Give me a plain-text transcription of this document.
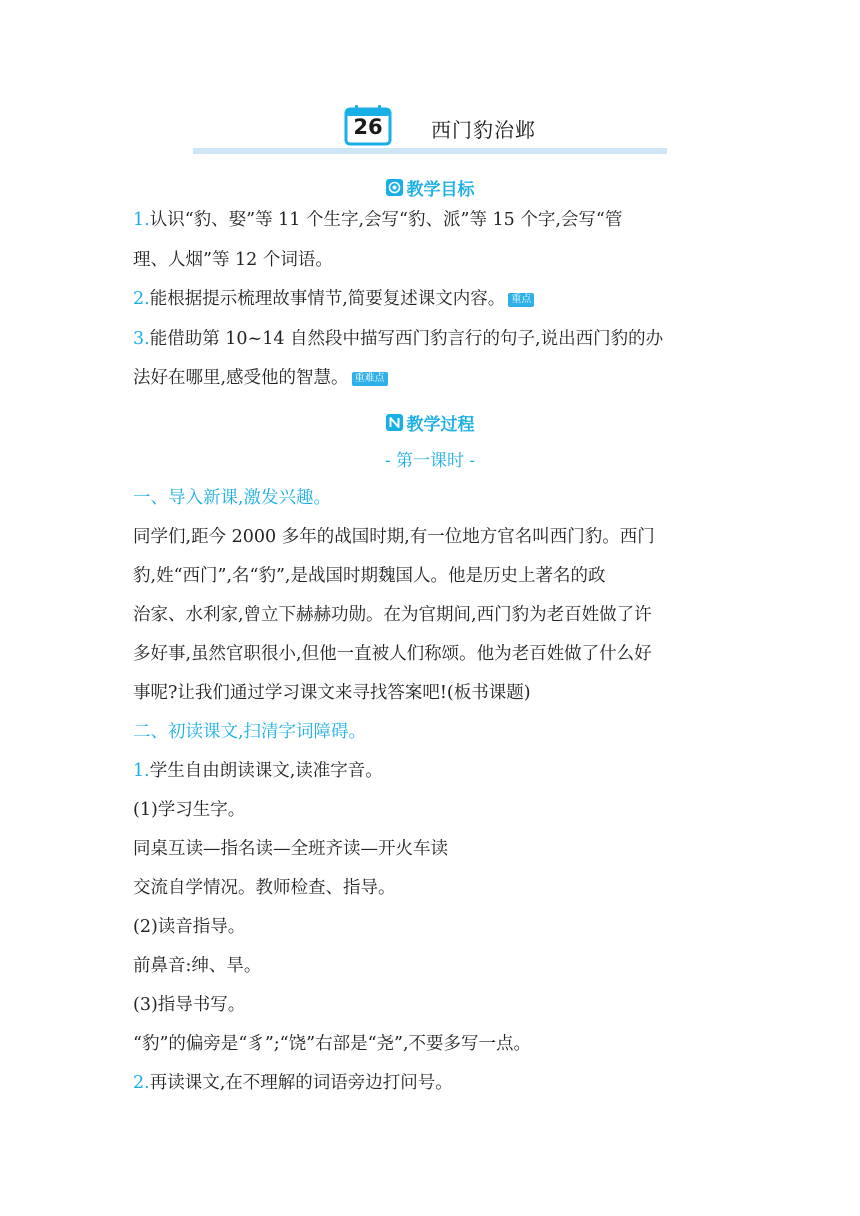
26	西门豹治邺
教学目标
1.认识“豹、娶”等 11 个生字,会写“豹、派”等 15 个字,会写“管
理、人烟”等 12 个词语。
2.能根据提示梳理故事情节,简要复述课文内容。 重点
3.能借助第 10~14 自然段中描写西门豹言行的句子,说出西门豹的办
法好在哪里,感受他的智慧。 重难点
教学过程
- 第一课时 -
一、导入新课,激发兴趣。
同学们,距今 2000 多年的战国时期,有一位地方官名叫西门豹。西门
豹,姓“西门”,名“豹”,是战国时期魏国人。他是历史上著名的政
治家、水利家,曾立下赫赫功勋。在为官期间,西门豹为老百姓做了许
多好事,虽然官职很小,但他一直被人们称颂。他为老百姓做了什么好
事呢?让我们通过学习课文来寻找答案吧!(板书课题)
二、初读课文,扫清字词障碍。
1.学生自由朗读课文,读准字音。
(1)学习生字。
同桌互读—指名读—全班齐读—开火车读
交流自学情况。教师检查、指导。
(2)读音指导。
前鼻音:绅、旱。
(3)指导书写。
“豹”的偏旁是“豸”;“饶”右部是“尧”,不要多写一点。
2.再读课文,在不理解的词语旁边打问号。
